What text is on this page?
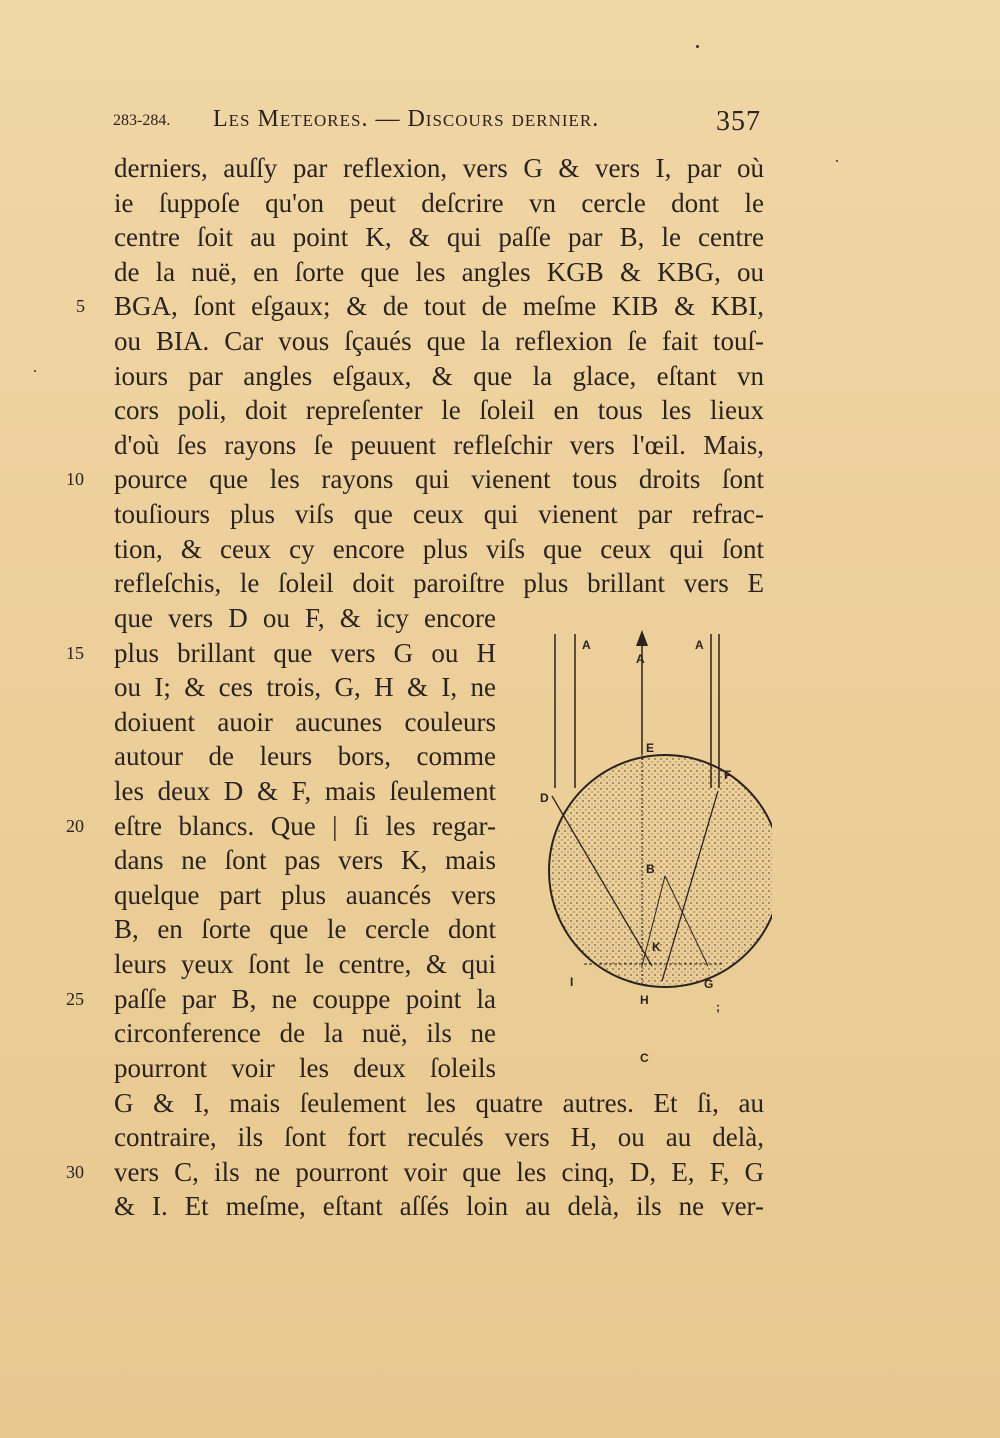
283-284. Les Meteores. — Discours dernier.	357
derniers, auſſy par reflexion, vers G & vers I, par où
ie ſuppoſe qu'on peut deſcrire vn cercle dont le
centre ſoit au point K, & qui paſſe par B, le centre
de la nuë, en ſorte que les angles KGB & KBG, ou
BGA, ſont eſgaux; & de tout de meſme KIB & KBI,
ou BIA. Car vous ſçaués que la reflexion ſe fait touſ-
iours par angles eſgaux, & que la glace, eſtant vn
cors poli, doit repreſenter le ſoleil en tous les lieux
d'où ſes rayons ſe peuuent refleſchir vers l'œil. Mais,
pource que les rayons qui vienent tous droits ſont
touſiours plus viſs que ceux qui vienent par refrac-
tion, & ceux cy encore plus viſs que ceux qui ſont
refleſchis, le ſoleil doit paroiſtre plus brillant vers E
que vers D ou F, & icy encore
plus brillant que vers G ou H
ou I; & ces trois, G, H & I, ne
doiuent auoir aucunes couleurs
autour de leurs bors, comme
les deux D & F, mais ſeulement
eſtre blancs. Que | ſi les regar-
dans ne ſont pas vers K, mais
quelque part plus auancés vers
B, en ſorte que le cercle dont
leurs yeux ſont le centre, & qui
paſſe par B, ne couppe point la
circonference de la nuë, ils ne
pourront voir les deux ſoleils
G & I, mais ſeulement les quatre autres. Et ſi, au
contraire, ils ſont fort reculés vers H, ou au delà,
vers C, ils ne pourront voir que les cinq, D, E, F, G
& I. Et meſme, eſtant aſſés loin au delà, ils ne ver-
5
10
15
20
25
30
A
A
A
D
E
F
B
K
G
I
H
C
;
